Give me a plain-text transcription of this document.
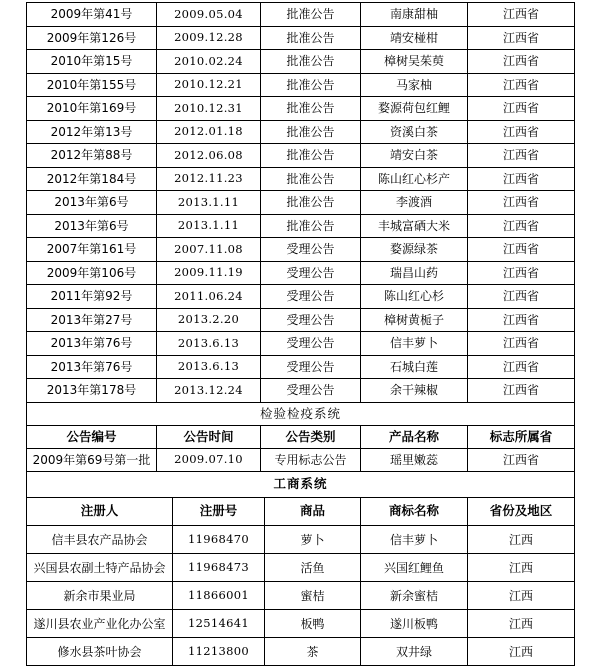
2009年第41号	2009.05.04	批准公告	南康甜柚	江西省
2009年第126号	2009.12.28	批准公告	靖安椪柑	江西省
2010年第15号	2010.02.24	批准公告	樟树吴茱萸	江西省
2010年第155号	2010.12.21	批准公告	马家柚	江西省
2010年第169号	2010.12.31	批准公告	婺源荷包红鲤	江西省
2012年第13号	2012.01.18	批准公告	资溪白茶	江西省
2012年第88号	2012.06.08	批准公告	靖安白茶	江西省
2012年第184号	2012.11.23	批准公告	陈山红心杉产	江西省
2013年第6号	2013.1.11	批准公告	李渡酒	江西省
2013年第6号	2013.1.11	批准公告	丰城富硒大米	江西省
2007年第161号	2007.11.08	受理公告	婺源绿茶	江西省
2009年第106号	2009.11.19	受理公告	瑞昌山药	江西省
2011年第92号	2011.06.24	受理公告	陈山红心杉	江西省
2013年第27号	2013.2.20	受理公告	樟树黄栀子	江西省
2013年第76号	2013.6.13	受理公告	信丰萝卜	江西省
2013年第76号	2013.6.13	受理公告	石城白莲	江西省
2013年第178号	2013.12.24	受理公告	余干辣椒	江西省
检验检疫系统				
公告编号	公告时间	公告类别	产品名称	标志所属省
2009年第69号第一批	2009.07.10	专用标志公告	瑶里嫩蕊	江西省
工商系统				
注册人	注册号	商品	商标名称	省份及地区
信丰县农产品协会	11968470	萝卜	信丰萝卜	江西
兴国县农副土特产品协会	11968473	活鱼	兴国红鲤鱼	江西
新余市果业局	11866001	蜜桔	新余蜜桔	江西
遂川县农业产业化办公室	12514641	板鸭	遂川板鸭	江西
修水县茶叶协会	11213800	茶	双井绿	江西
